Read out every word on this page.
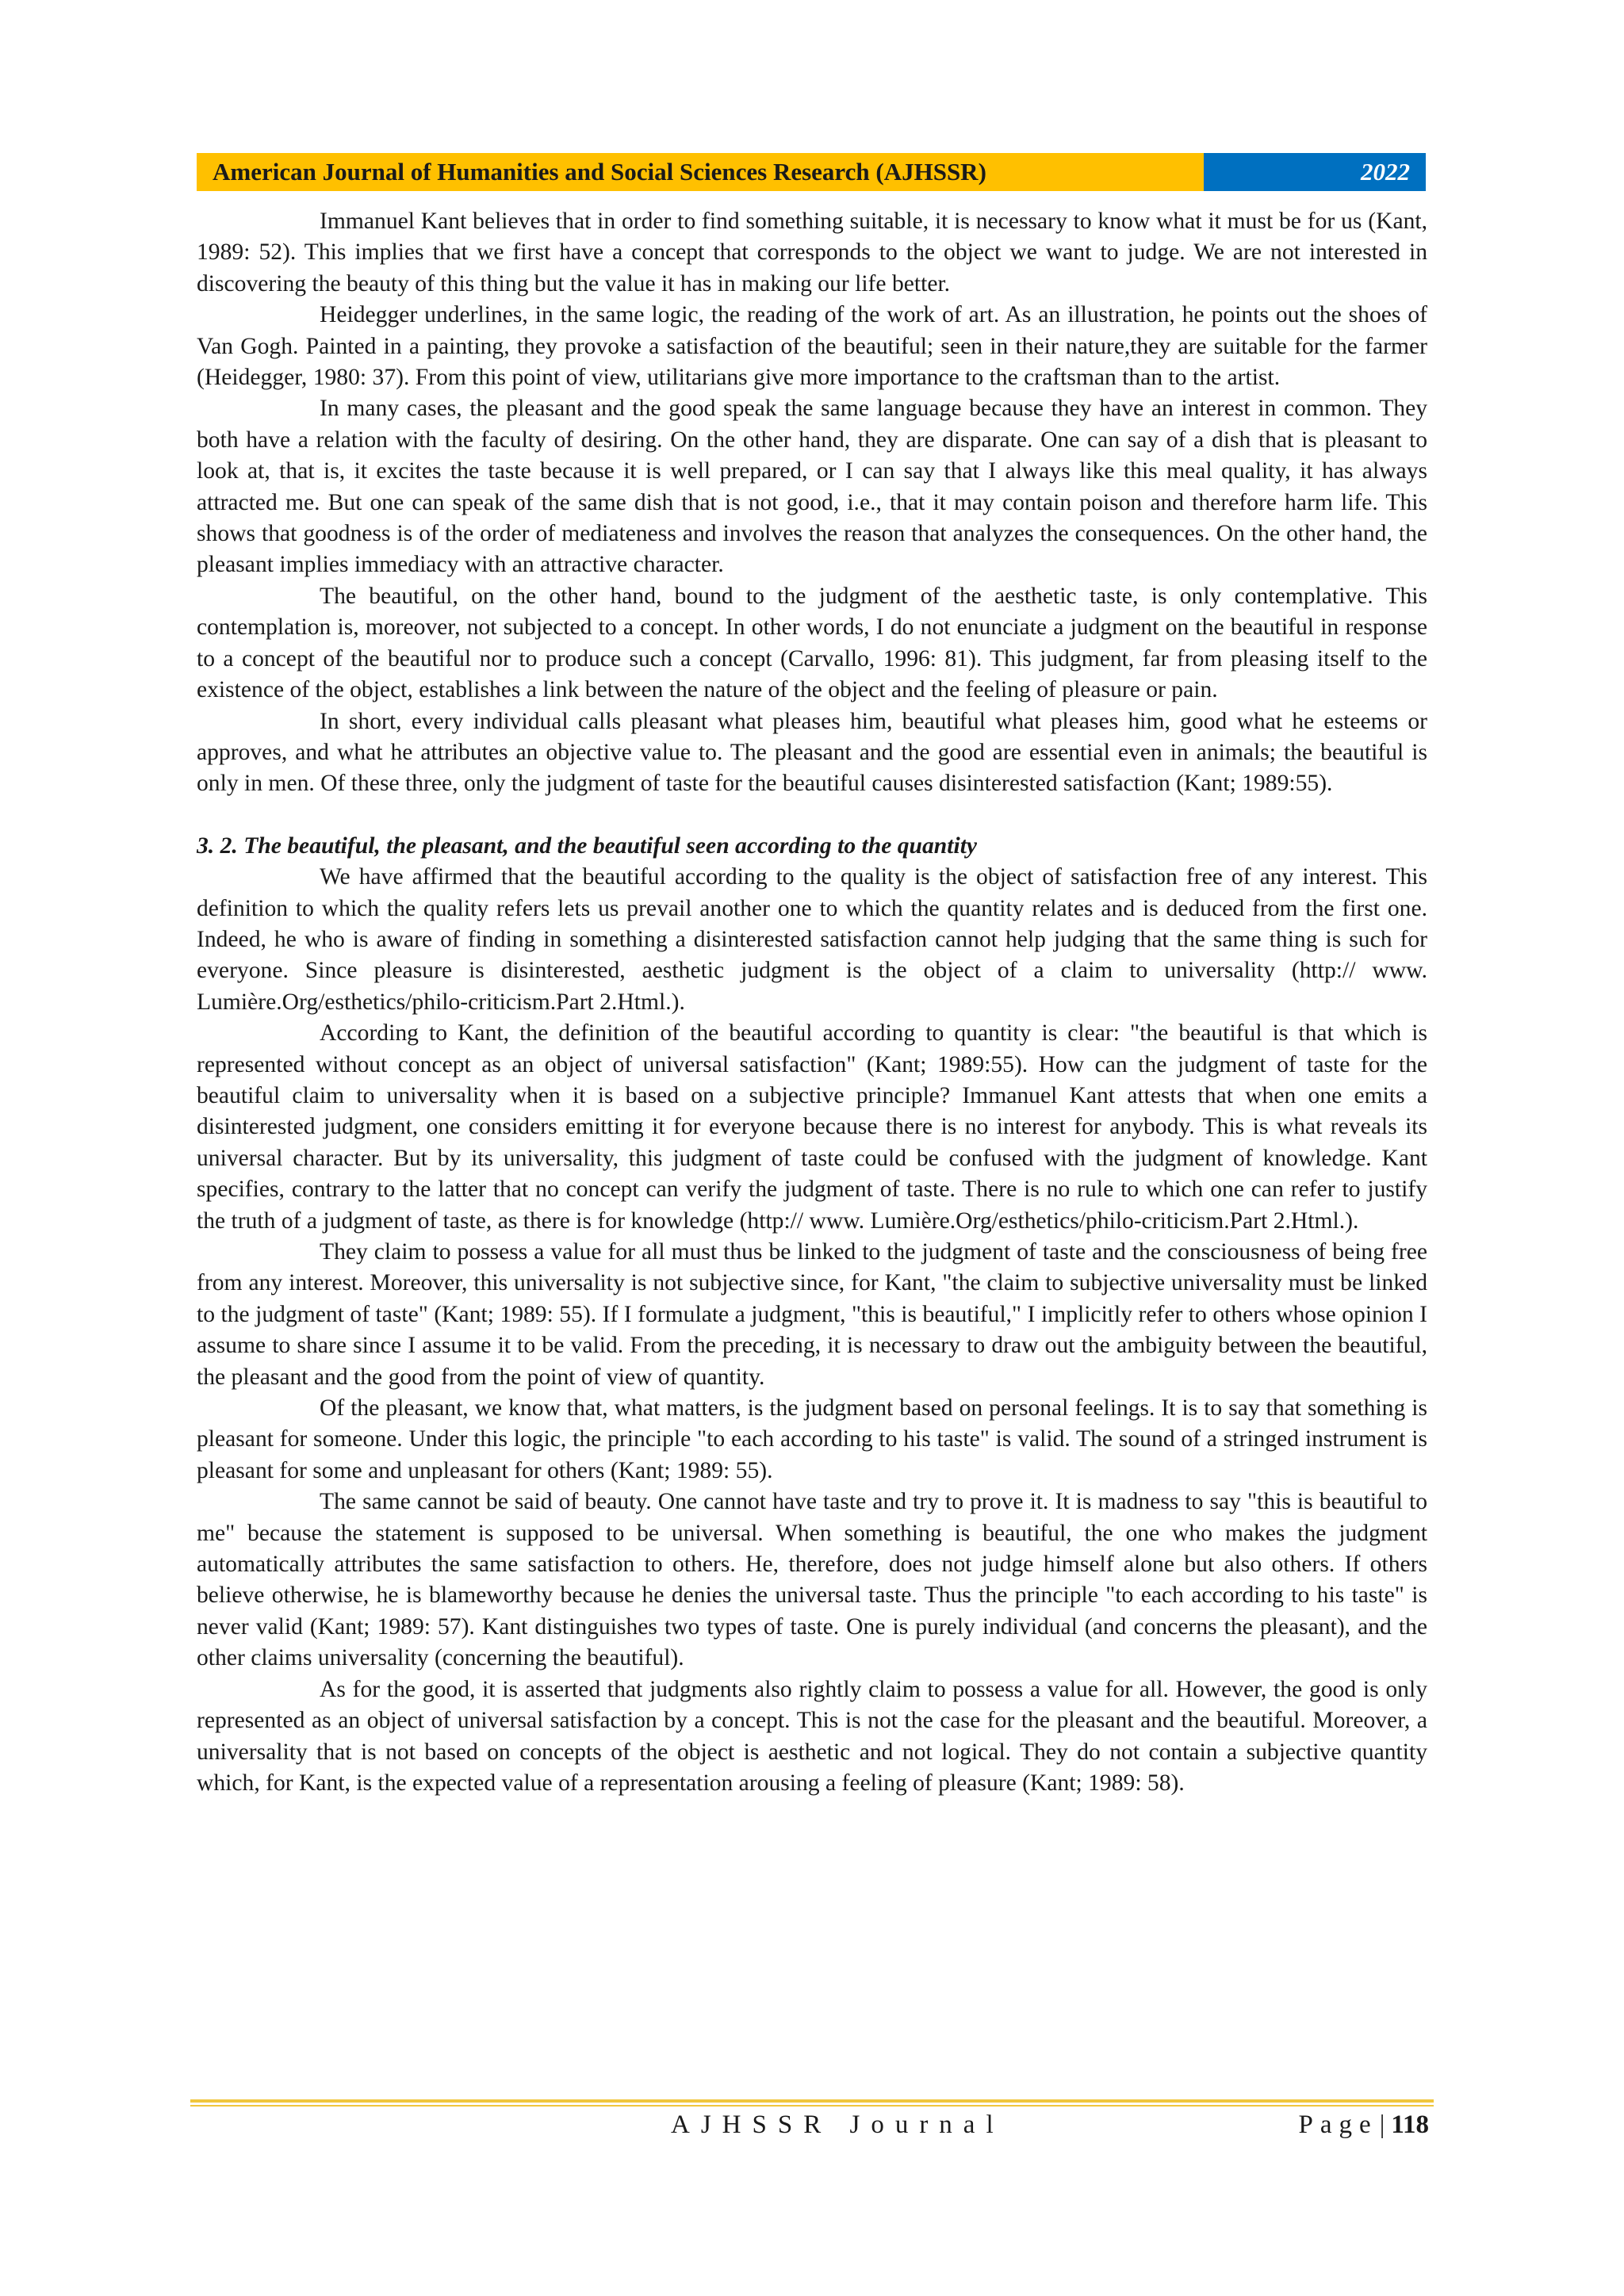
American Journal of Humanities and Social Sciences Research (AJHSSR)	2022

Immanuel Kant believes that in order to find something suitable, it is necessary to know what it must be for us (Kant, 1989: 52). This implies that we first have a concept that corresponds to the object we want to judge. We are not interested in discovering the beauty of this thing but the value it has in making our life better.

Heidegger underlines, in the same logic, the reading of the work of art. As an illustration, he points out the shoes of Van Gogh. Painted in a painting, they provoke a satisfaction of the beautiful; seen in their nature,they are suitable for the farmer (Heidegger, 1980: 37). From this point of view, utilitarians give more importance to the craftsman than to the artist.

In many cases, the pleasant and the good speak the same language because they have an interest in common. They both have a relation with the faculty of desiring. On the other hand, they are disparate. One can say of a dish that is pleasant to look at, that is, it excites the taste because it is well prepared, or I can say that I always like this meal quality, it has always attracted me. But one can speak of the same dish that is not good, i.e., that it may contain poison and therefore harm life. This shows that goodness is of the order of mediateness and involves the reason that analyzes the consequences. On the other hand, the pleasant implies immediacy with an attractive character.

The beautiful, on the other hand, bound to the judgment of the aesthetic taste, is only contemplative. This contemplation is, moreover, not subjected to a concept. In other words, I do not enunciate a judgment on the beautiful in response to a concept of the beautiful nor to produce such a concept (Carvallo, 1996: 81). This judgment, far from pleasing itself to the existence of the object, establishes a link between the nature of the object and the feeling of pleasure or pain.

In short, every individual calls pleasant what pleases him, beautiful what pleases him, good what he esteems or approves, and what he attributes an objective value to. The pleasant and the good are essential even in animals; the beautiful is only in men. Of these three, only the judgment of taste for the beautiful causes disinterested satisfaction (Kant; 1989:55).

3. 2. The beautiful, the pleasant, and the beautiful seen according to the quantity

We have affirmed that the beautiful according to the quality is the object of satisfaction free of any interest. This definition to which the quality refers lets us prevail another one to which the quantity relates and is deduced from the first one. Indeed, he who is aware of finding in something a disinterested satisfaction cannot help judging that the same thing is such for everyone. Since pleasure is disinterested, aesthetic judgment is the object of a claim to universality (http:// www. Lumière.Org/esthetics/philo-criticism.Part 2.Html.).

According to Kant, the definition of the beautiful according to quantity is clear: "the beautiful is that which is represented without concept as an object of universal satisfaction" (Kant; 1989:55). How can the judgment of taste for the beautiful claim to universality when it is based on a subjective principle? Immanuel Kant attests that when one emits a disinterested judgment, one considers emitting it for everyone because there is no interest for anybody. This is what reveals its universal character. But by its universality, this judgment of taste could be confused with the judgment of knowledge. Kant specifies, contrary to the latter that no concept can verify the judgment of taste. There is no rule to which one can refer to justify the truth of a judgment of taste, as there is for knowledge (http:// www. Lumière.Org/esthetics/philo-criticism.Part 2.Html.).

They claim to possess a value for all must thus be linked to the judgment of taste and the consciousness of being free from any interest. Moreover, this universality is not subjective since, for Kant, "the claim to subjective universality must be linked to the judgment of taste" (Kant; 1989: 55). If I formulate a judgment, "this is beautiful," I implicitly refer to others whose opinion I assume to share since I assume it to be valid. From the preceding, it is necessary to draw out the ambiguity between the beautiful, the pleasant and the good from the point of view of quantity.

Of the pleasant, we know that, what matters, is the judgment based on personal feelings. It is to say that something is pleasant for someone. Under this logic, the principle "to each according to his taste" is valid. The sound of a stringed instrument is pleasant for some and unpleasant for others (Kant; 1989: 55).

The same cannot be said of beauty. One cannot have taste and try to prove it. It is madness to say "this is beautiful to me" because the statement is supposed to be universal. When something is beautiful, the one who makes the judgment automatically attributes the same satisfaction to others. He, therefore, does not judge himself alone but also others. If others believe otherwise, he is blameworthy because he denies the universal taste. Thus the principle "to each according to his taste" is never valid (Kant; 1989: 57). Kant distinguishes two types of taste. One is purely individual (and concerns the pleasant), and the other claims universality (concerning the beautiful).

As for the good, it is asserted that judgments also rightly claim to possess a value for all. However, the good is only represented as an object of universal satisfaction by a concept. This is not the case for the pleasant and the beautiful. Moreover, a universality that is not based on concepts of the object is aesthetic and not logical. They do not contain a subjective quantity which, for Kant, is the expected value of a representation arousing a feeling of pleasure (Kant; 1989: 58).

AJHSSR Journal	Page | 118
